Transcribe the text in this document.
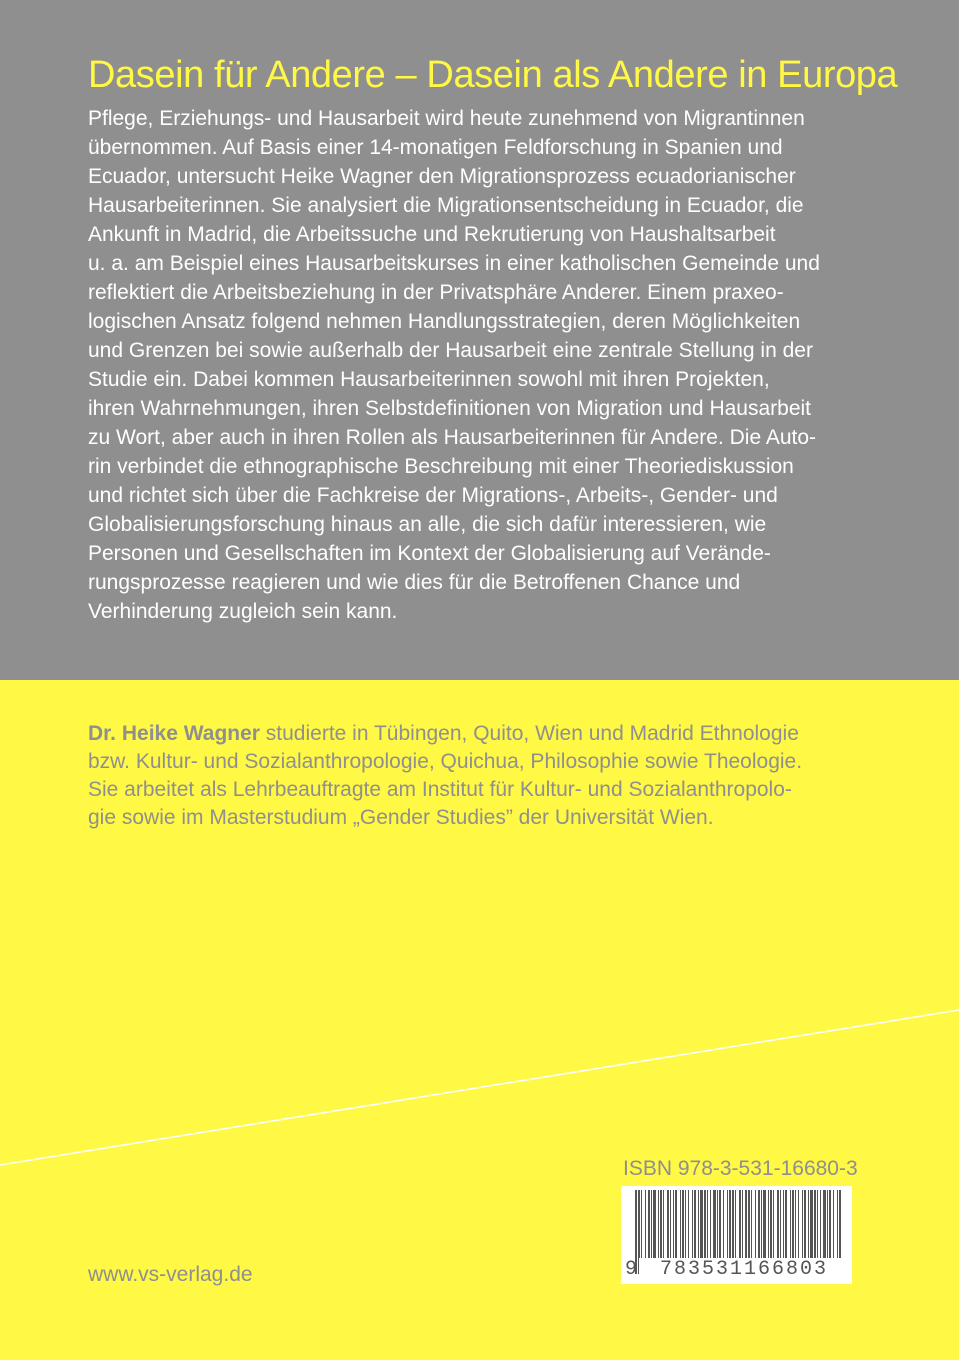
Dasein für Andere – Dasein als Andere in Europa

Pflege, Erziehungs- und Hausarbeit wird heute zunehmend von Migrantinnen
übernommen. Auf Basis einer 14-monatigen Feldforschung in Spanien und
Ecuador, untersucht Heike Wagner den Migrationsprozess ecuadorianischer
Hausarbeiterinnen. Sie analysiert die Migrationsentscheidung in Ecuador, die
Ankunft in Madrid, die Arbeitssuche und Rekrutierung von Haushaltsarbeit
u. a. am Beispiel eines Hausarbeitskurses in einer katholischen Gemeinde und
reflektiert die Arbeitsbeziehung in der Privatsphäre Anderer. Einem praxeo-
logischen Ansatz folgend nehmen Handlungsstrategien, deren Möglichkeiten
und Grenzen bei sowie außerhalb der Hausarbeit eine zentrale Stellung in der
Studie ein. Dabei kommen Hausarbeiterinnen sowohl mit ihren Projekten,
ihren Wahrnehmungen, ihren Selbstdefinitionen von Migration und Hausarbeit
zu Wort, aber auch in ihren Rollen als Hausarbeiterinnen für Andere. Die Auto-
rin verbindet die ethnographische Beschreibung mit einer Theoriediskussion
und richtet sich über die Fachkreise der Migrations-, Arbeits-, Gender- und
Globalisierungsforschung hinaus an alle, die sich dafür interessieren, wie
Personen und Gesellschaften im Kontext der Globalisierung auf Verände-
rungsprozesse reagieren und wie dies für die Betroffenen Chance und
Verhinderung zugleich sein kann.

Dr. Heike Wagner studierte in Tübingen, Quito, Wien und Madrid Ethnologie
bzw. Kultur- und Sozialanthropologie, Quichua, Philosophie sowie Theologie.
Sie arbeitet als Lehrbeauftragte am Institut für Kultur- und Sozialanthropolo-
gie sowie im Masterstudium „Gender Studies” der Universität Wien.

ISBN 978-3-531-16680-3
9	783531166803
www.vs-verlag.de
